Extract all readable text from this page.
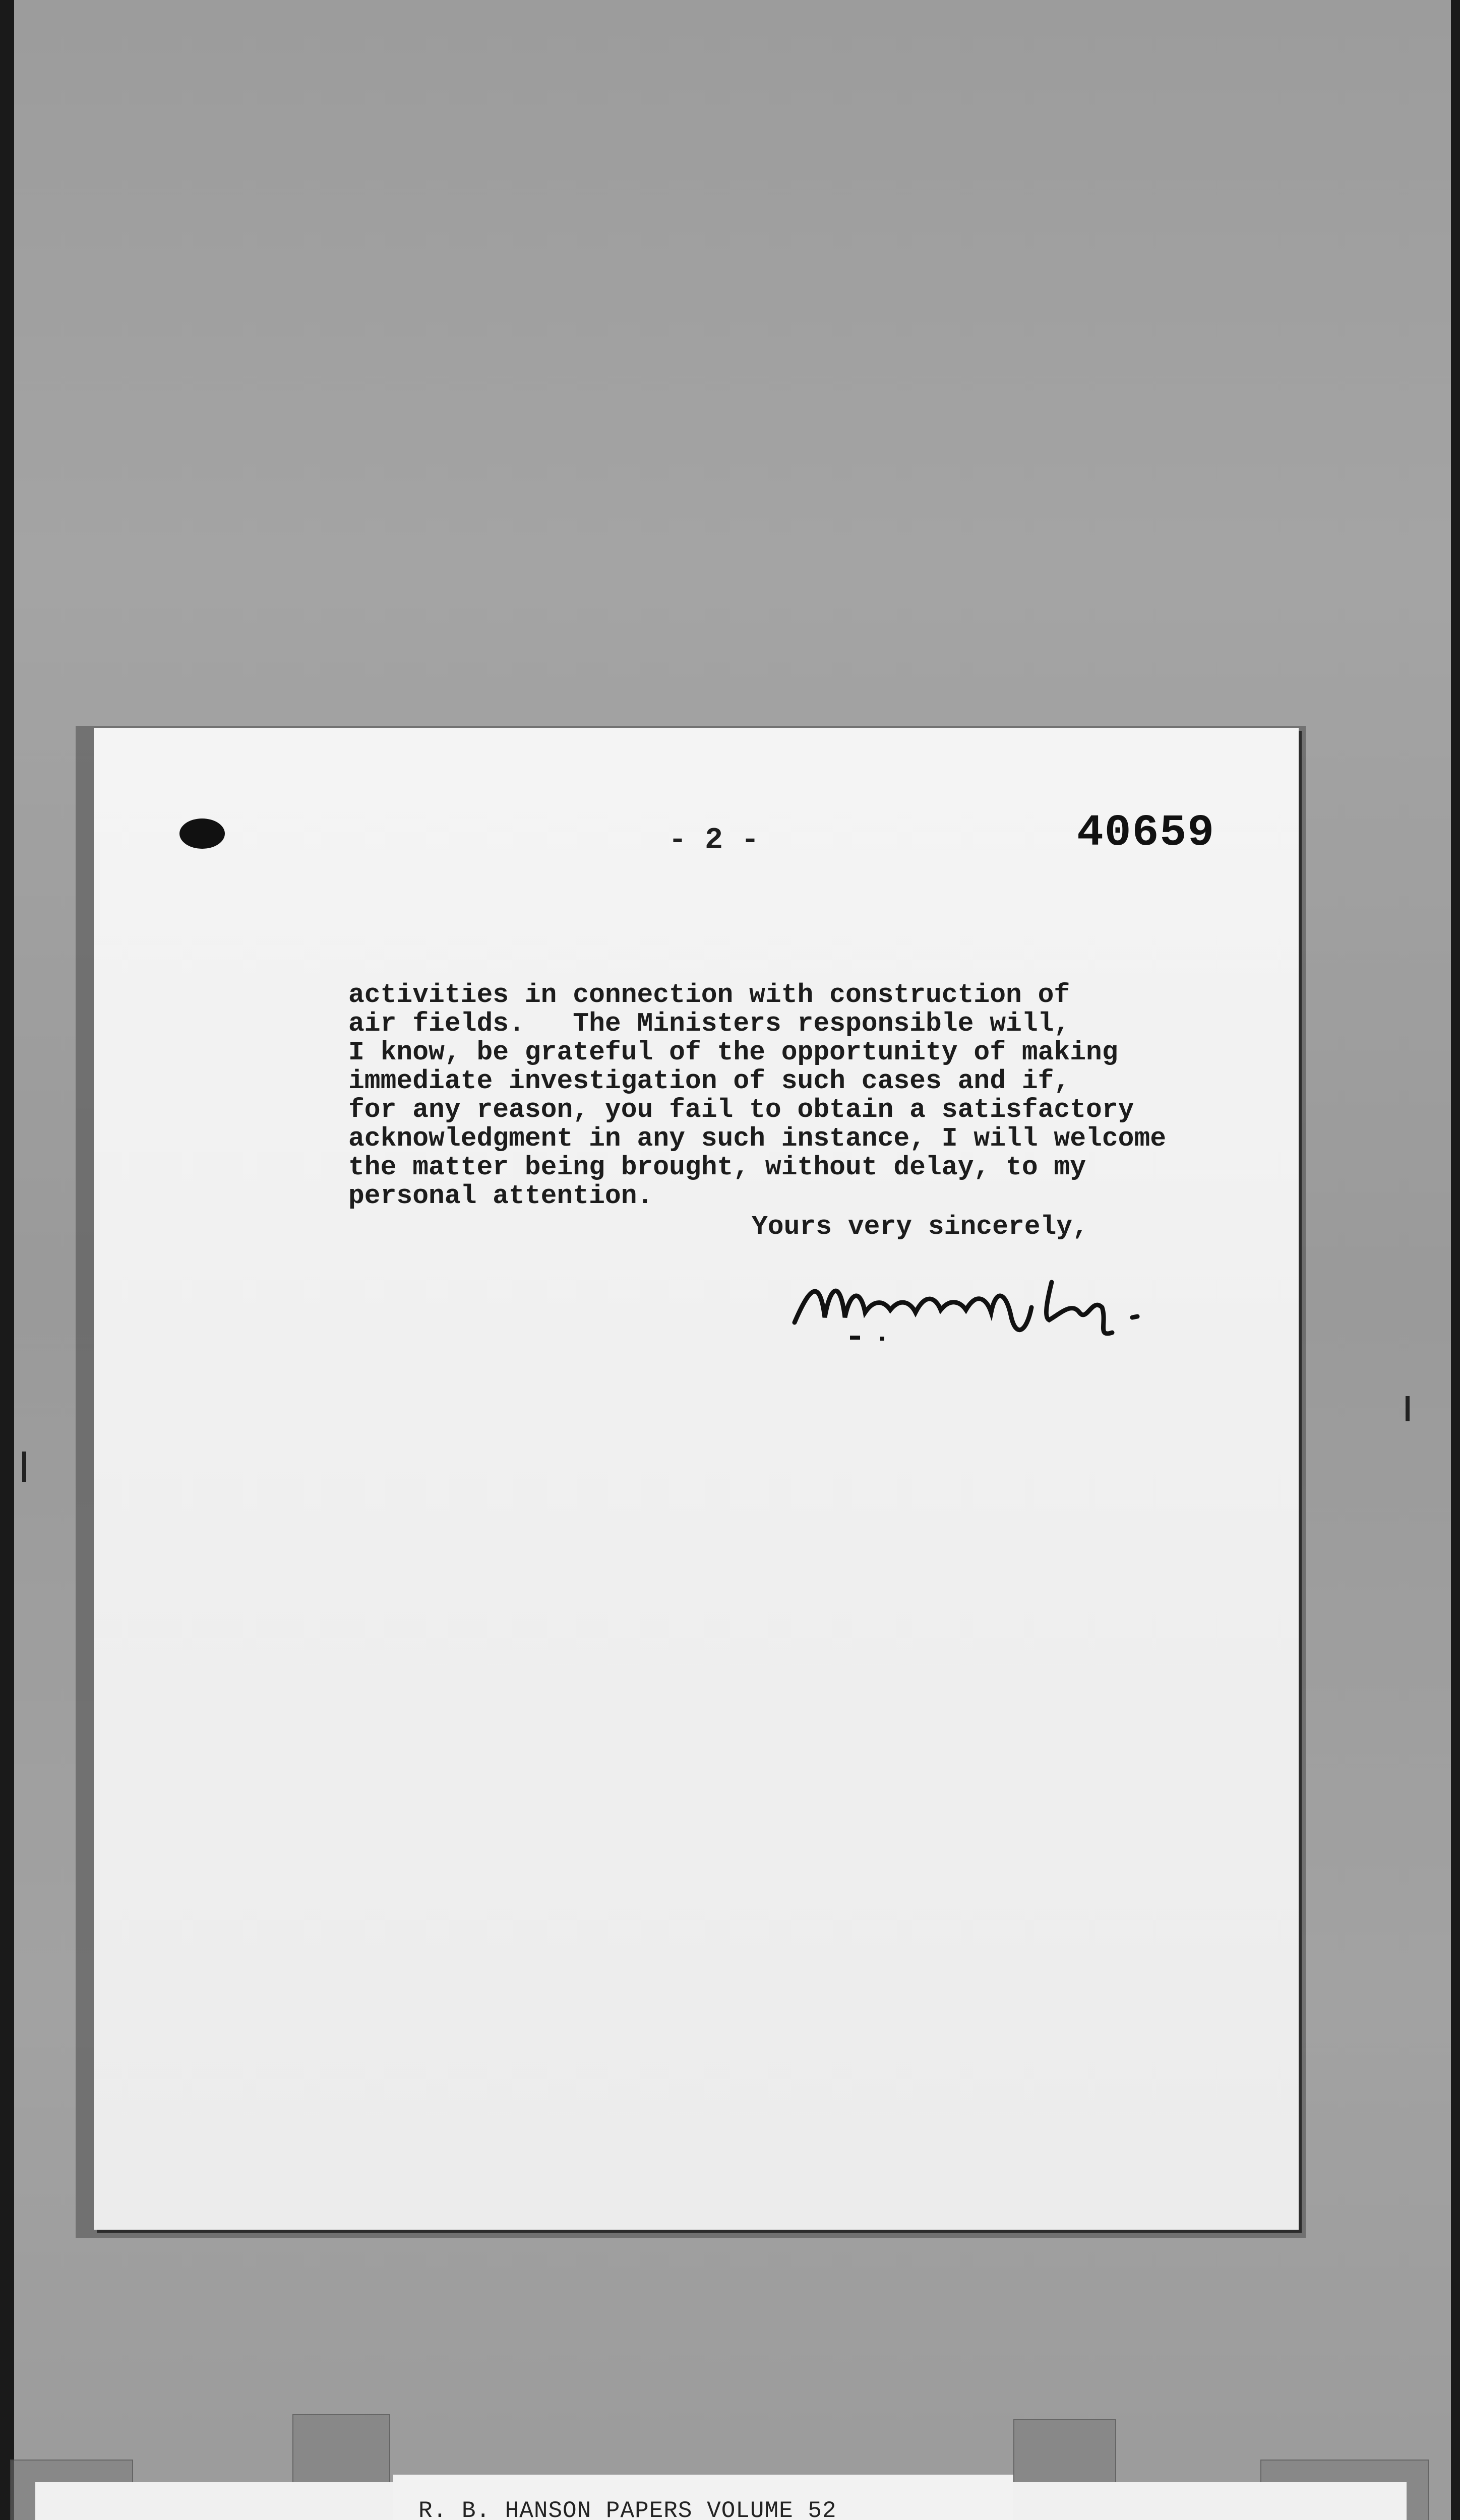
- 2 -	40659
activities in connection with construction of
air fields.   The Ministers responsible will,
I know, be grateful of the opportunity of making
immediate investigation of such cases and if,
for any reason, you fail to obtain a satisfactory
acknowledgment in any such instance, I will welcome
the matter being brought, without delay, to my
personal attention.
Yours very sincerely,
R. B. HANSON PAPERS VOLUME 52
